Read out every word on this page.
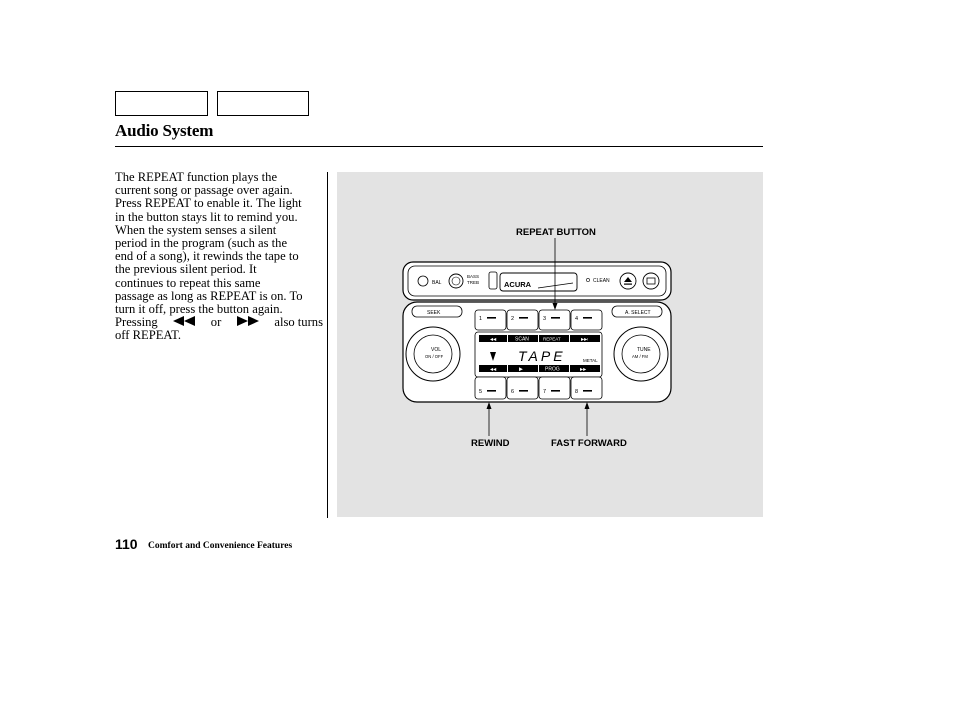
Audio System
The REPEAT function plays the
current song or passage over again.
Press REPEAT to enable it. The light
in the button stays lit to remind you.
When the system senses a silent
period in the program (such as the
end of a song), it rewinds the tape to
the previous silent period. It
continues to repeat this same
passage as long as REPEAT is on. To
turn it off, press the button again.
Pressing	or	also turns
off REPEAT.
BAL
BASS
TREB	ACURA	CLEAN
SEEK	A. SELECT
1	2	3	4
VOL
ON / OFF
TUNE
AM / FM
◀◀	SCAN	REPEAT	▶▶I
TAPE	METAL
◀◀	▶	PROG	▶▶
5	6	7	8
REPEAT BUTTON
REWIND	FAST FORWARD
110 Comfort and Convenience Features
